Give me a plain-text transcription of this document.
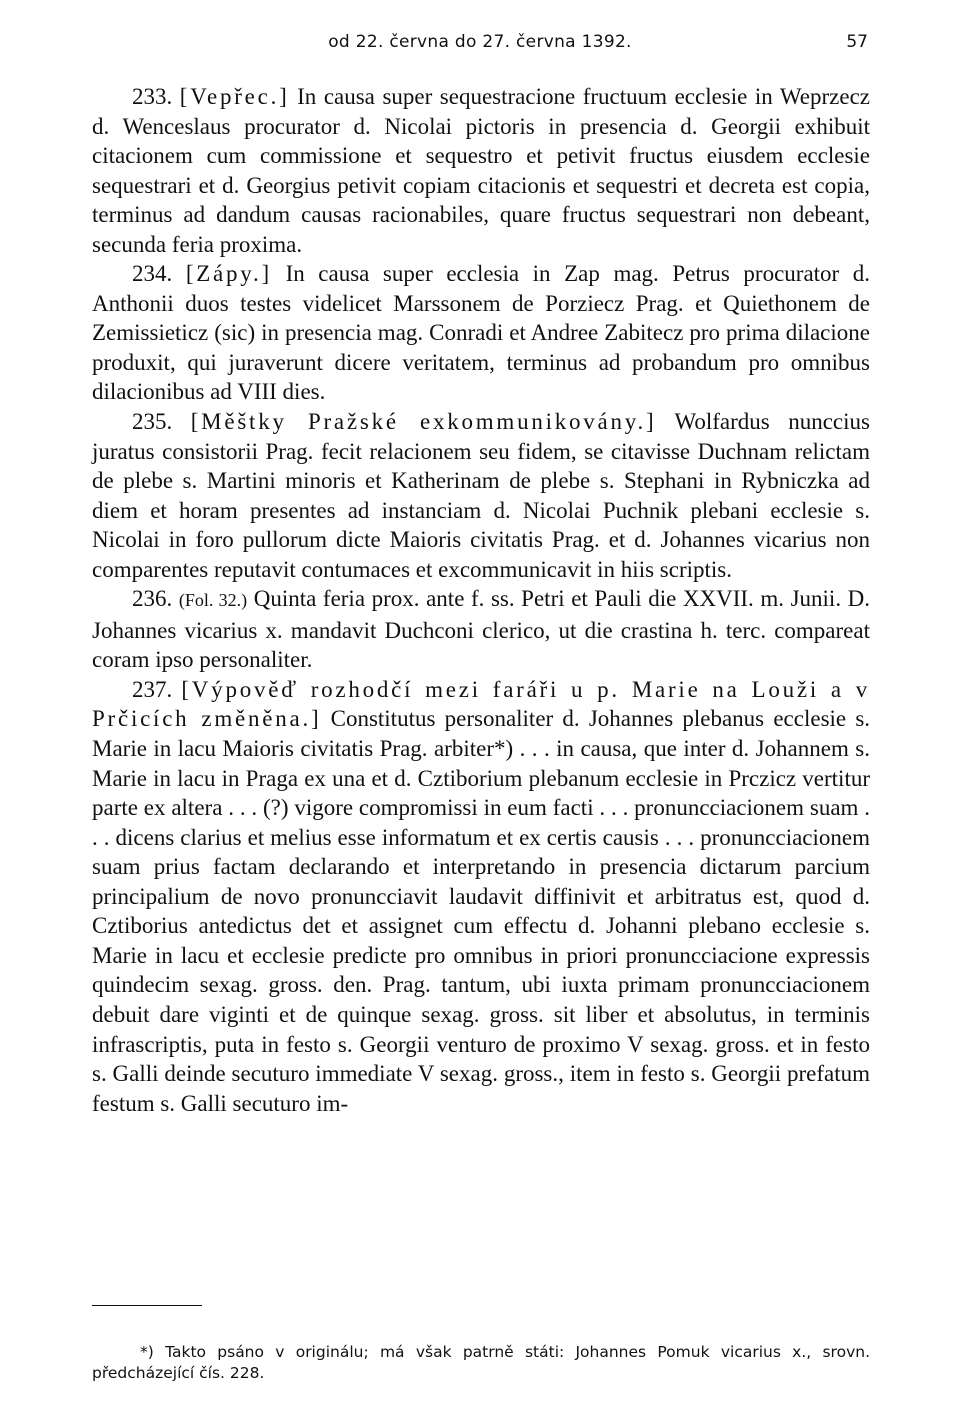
od 22. června do 27. června 1392.	57

233. [Vepřec.] In causa super sequestracione fructuum ecclesie in Weprzecz d. Wenceslaus procurator d. Nicolai pictoris in presencia d. Georgii exhibuit citacionem cum commissione et sequestro et petivit fructus eiusdem ecclesie sequestrari et d. Georgius petivit copiam citacionis et sequestri et decreta est copia, terminus ad dandum causas racionabiles, quare fructus sequestrari non debeant, secunda feria proxima.

234. [Zápy.] In causa super ecclesia in Zap mag. Petrus procurator d. Anthonii duos testes videlicet Marssonem de Porziecz Prag. et Quiethonem de Zemissieticz (sic) in presencia mag. Conradi et Andree Zabitecz pro prima dilacione produxit, qui juraverunt dicere veritatem, terminus ad probandum pro omnibus dilacionibus ad VIII dies.

235. [Měštky Pražské exkommunikovány.] Wolfardus nunccius juratus consistorii Prag. fecit relacionem seu fidem, se citavisse Duchnam relictam de plebe s. Martini minoris et Katherinam de plebe s. Stephani in Rybniczka ad diem et horam presentes ad instanciam d. Nicolai Puchnik plebani ecclesie s. Nicolai in foro pullorum dicte Maioris civitatis Prag. et d. Johannes vicarius non comparentes reputavit contumaces et excommunicavit in hiis scriptis.

236. (Fol. 32.) Quinta feria prox. ante f. ss. Petri et Pauli die XXVII. m. Junii. D. Johannes vicarius x. mandavit Duchconi clerico, ut die crastina h. terc. compareat coram ipso personaliter.

237. [Výpověď rozhodčí mezi faráři u p. Marie na Louži a v Prčicích změněna.] Constitutus personaliter d. Johannes plebanus ecclesie s. Marie in lacu Maioris civitatis Prag. arbiter*) . . . in causa, que inter d. Johannem s. Marie in lacu in Praga ex una et d. Cztiborium plebanum ecclesie in Prczicz vertitur parte ex altera . . . (?) vigore compromissi in eum facti . . . pronuncciacionem suam . . . dicens clarius et melius esse informatum et ex certis causis . . . pronuncciacionem suam prius factam declarando et interpretando in presencia dictarum parcium principalium de novo pronuncciavit laudavit diffinivit et arbitratus est, quod d. Cztiborius antedictus det et assignet cum effectu d. Johanni plebano ecclesie s. Marie in lacu et ecclesie predicte pro omnibus in priori pronuncciacione expressis quindecim sexag. gross. den. Prag. tantum, ubi iuxta primam pronuncciacionem debuit dare viginti et de quinque sexag. gross. sit liber et absolutus, in terminis infrascriptis, puta in festo s. Georgii venturo de proximo V sexag. gross. et in festo s. Galli deinde secuturo immediate V sexag. gross., item in festo s. Georgii prefatum festum s. Galli secuturo im-

*) Takto psáno v originálu; má však patrně státi: Johannes Pomuk vicarius x., srovn. předcházející čís. 228.
